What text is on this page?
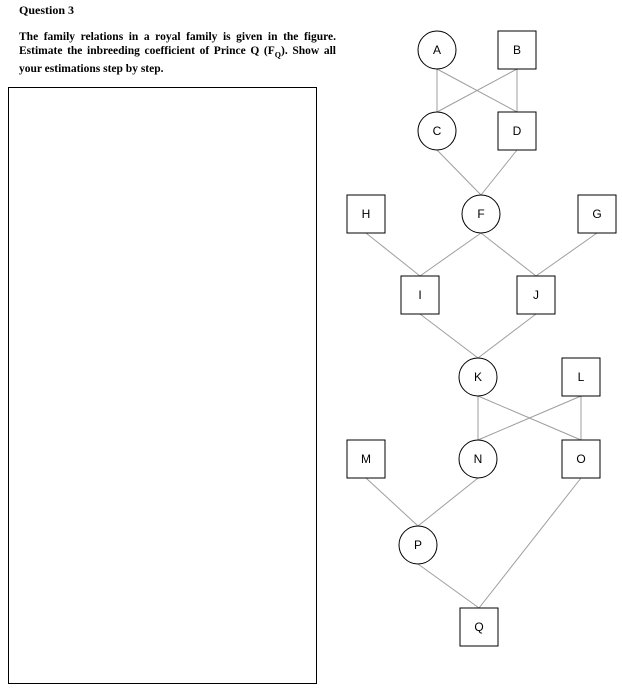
Question 3
The family relations in a royal family is given in the figure. Estimate the inbreeding coefficient of Prince Q $(F_Q)$. Show all your estimations step by step.
A	B
C	D
H	F	G
I	J
K	L
M	N	O
P
Q
